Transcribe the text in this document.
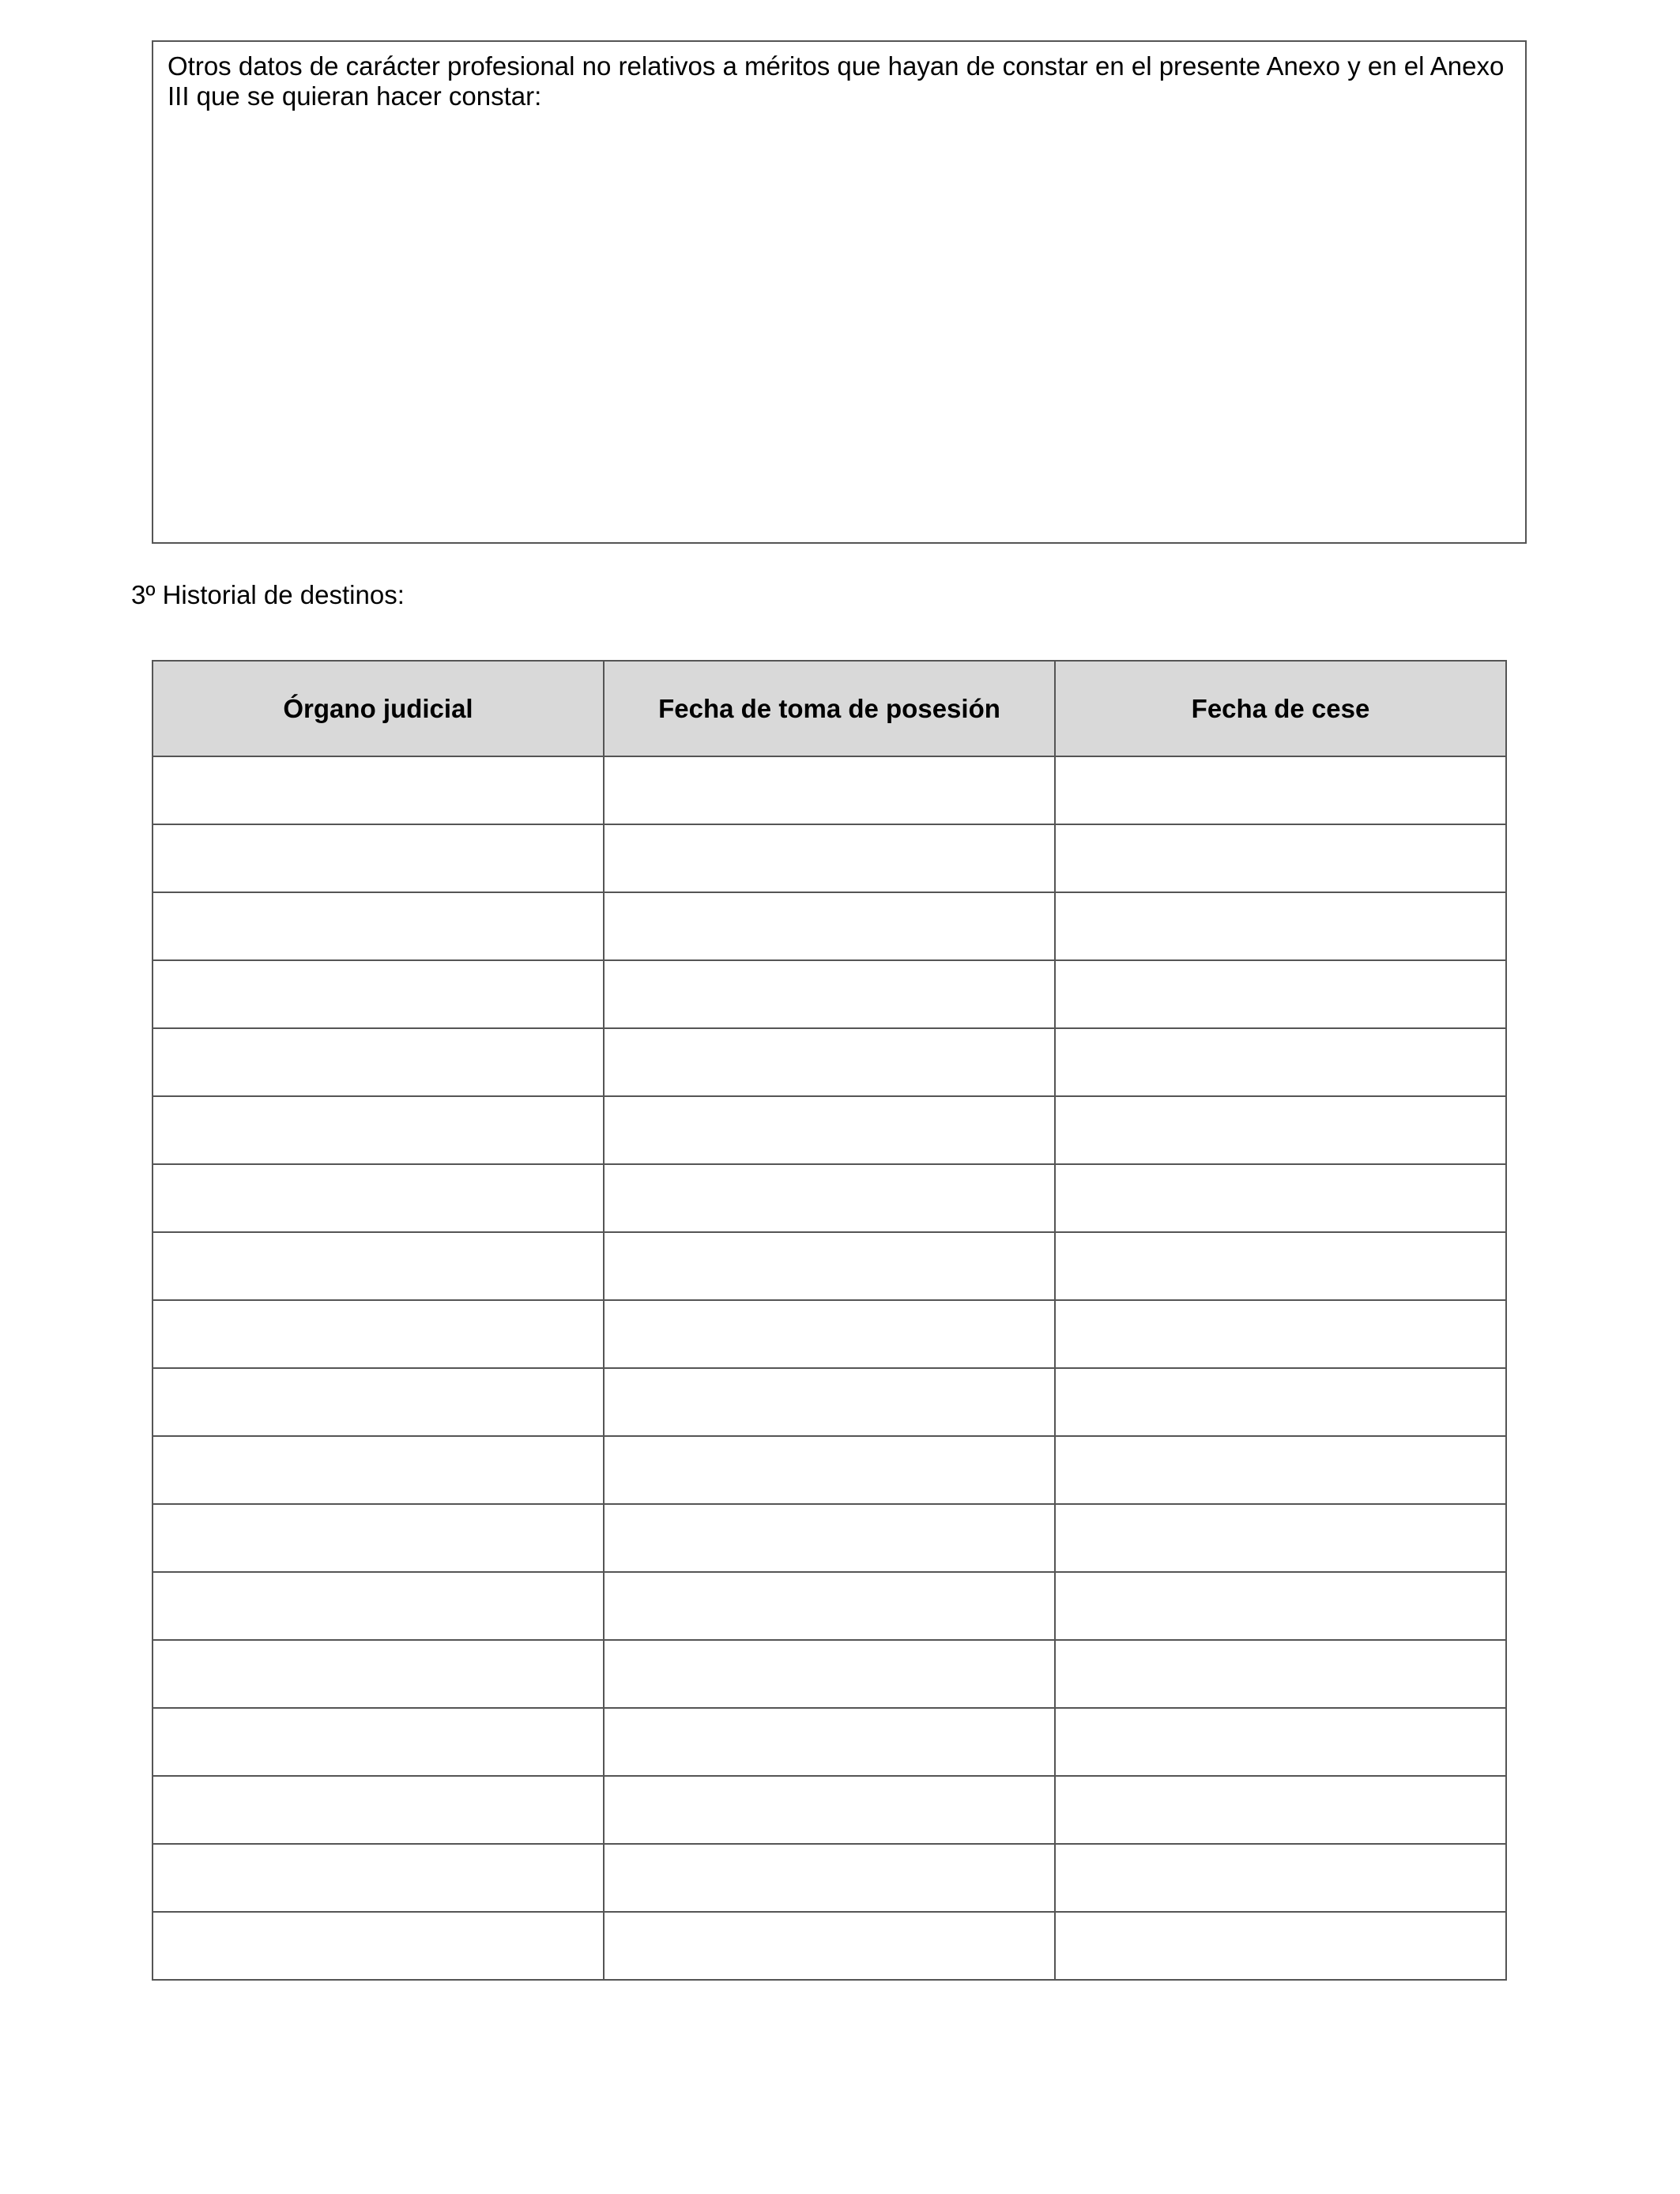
Otros datos de carácter profesional no relativos a méritos que hayan de constar en el presente Anexo y en el Anexo III que se quieran hacer constar:

3º Historial de destinos:
Órgano judicial	Fecha de toma de posesión	Fecha de cese
